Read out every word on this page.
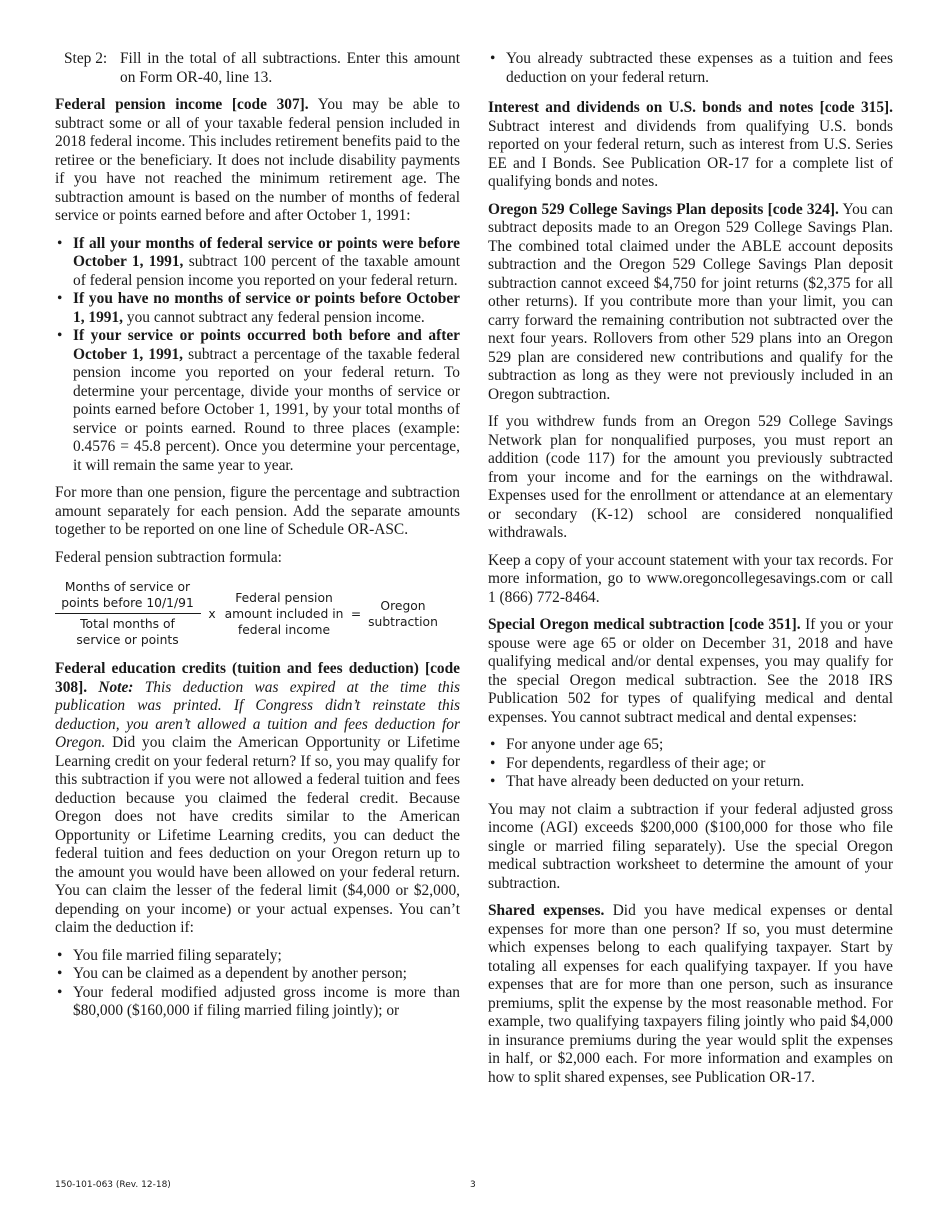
Step 2: Fill in the total of all subtractions. Enter this amount on Form OR-40, line 13.

Federal pension income [code 307]. You may be able to subtract some or all of your taxable federal pension included in 2018 federal income. This includes retirement benefits paid to the retiree or the beneficiary. It does not include disability payments if you have not reached the minimum retirement age. The subtraction amount is based on the number of months of federal service or points earned before and after October 1, 1991:

• If all your months of federal service or points were before October 1, 1991, subtract 100 percent of the taxable amount of federal pension income you reported on your federal return.
• If you have no months of service or points before October 1, 1991, you cannot subtract any federal pension income.
• If your service or points occurred both before and after October 1, 1991, subtract a percentage of the taxable federal pension income you reported on your federal return. To determine your percentage, divide your months of service or points earned before October 1, 1991, by your total months of service or points earned. Round to three places (example: 0.4576 = 45.8 percent). Once you determine your percentage, it will remain the same year to year.

For more than one pension, figure the percentage and subtraction amount separately for each pension. Add the separate amounts together to be reported on one line of Schedule OR-ASC.

Federal pension subtraction formula:

Months of service or
points before 10/1/91
Total months of
service or points x
Federal pension
amount included in
federal income
=
Oregon
subtraction

Federal education credits (tuition and fees deduction) [code 308]. Note: This deduction was expired at the time this publication was printed. If Congress didn’t reinstate this deduction, you aren’t allowed a tuition and fees deduction for Oregon. Did you claim the American Opportunity or Lifetime Learning credit on your federal return? If so, you may qualify for this subtraction if you were not allowed a federal tuition and fees deduction because you claimed the federal credit. Because Oregon does not have credits similar to the American Opportunity or Lifetime Learning credits, you can deduct the federal tuition and fees deduction on your Oregon return up to the amount you would have been allowed on your federal return. You can claim the lesser of the federal limit ($4,000 or $2,000, depending on your income) or your actual expenses. You can’t claim the deduction if:

• You file married filing separately;
• You can be claimed as a dependent by another person;
• Your federal modified adjusted gross income is more than $80,000 ($160,000 if filing married filing jointly); or
• You already subtracted these expenses as a tuition and fees deduction on your federal return.

Interest and dividends on U.S. bonds and notes [code 315]. Subtract interest and dividends from qualifying U.S. bonds reported on your federal return, such as interest from U.S. Series EE and I Bonds. See Publication OR-17 for a complete list of qualifying bonds and notes.

Oregon 529 College Savings Plan deposits [code 324]. You can subtract deposits made to an Oregon 529 College Savings Plan. The combined total claimed under the ABLE account deposits subtraction and the Oregon 529 College Savings Plan deposit subtraction cannot exceed $4,750 for joint returns ($2,375 for all other returns). If you contribute more than your limit, you can carry forward the remaining contribution not subtracted over the next four years. Rollovers from other 529 plans into an Oregon 529 plan are considered new contributions and qualify for the subtraction as long as they were not previously included in an Oregon subtraction.

If you withdrew funds from an Oregon 529 College Savings Network plan for nonqualified purposes, you must report an addition (code 117) for the amount you previously subtracted from your income and for the earnings on the withdrawal. Expenses used for the enrollment or attendance at an elementary or secondary (K-12) school are considered nonqualified withdrawals.

Keep a copy of your account statement with your tax records. For more information, go to www.oregoncollegesavings.com or call 1 (866) 772-8464.

Special Oregon medical subtraction [code 351]. If you or your spouse were age 65 or older on December 31, 2018 and have qualifying medical and/or dental expenses, you may qualify for the special Oregon medical subtraction. See the 2018 IRS Publication 502 for types of qualifying medical and dental expenses. You cannot subtract medical and dental expenses:

• For anyone under age 65;
• For dependents, regardless of their age; or
• That have already been deducted on your return.

You may not claim a subtraction if your federal adjusted gross income (AGI) exceeds $200,000 ($100,000 for those who file single or married filing separately). Use the special Oregon medical subtraction worksheet to determine the amount of your subtraction.

Shared expenses. Did you have medical expenses or dental expenses for more than one person? If so, you must determine which expenses belong to each qualifying taxpayer. Start by totaling all expenses for each qualifying taxpayer. If you have expenses that are for more than one person, such as insurance premiums, split the expense by the most reasonable method. For example, two qualifying taxpayers filing jointly who paid $4,000 in insurance premiums during the year would split the expenses in half, or $2,000 each. For more information and examples on how to split shared expenses, see Publication OR-17.

150-101-063 (Rev. 12-18)	3
